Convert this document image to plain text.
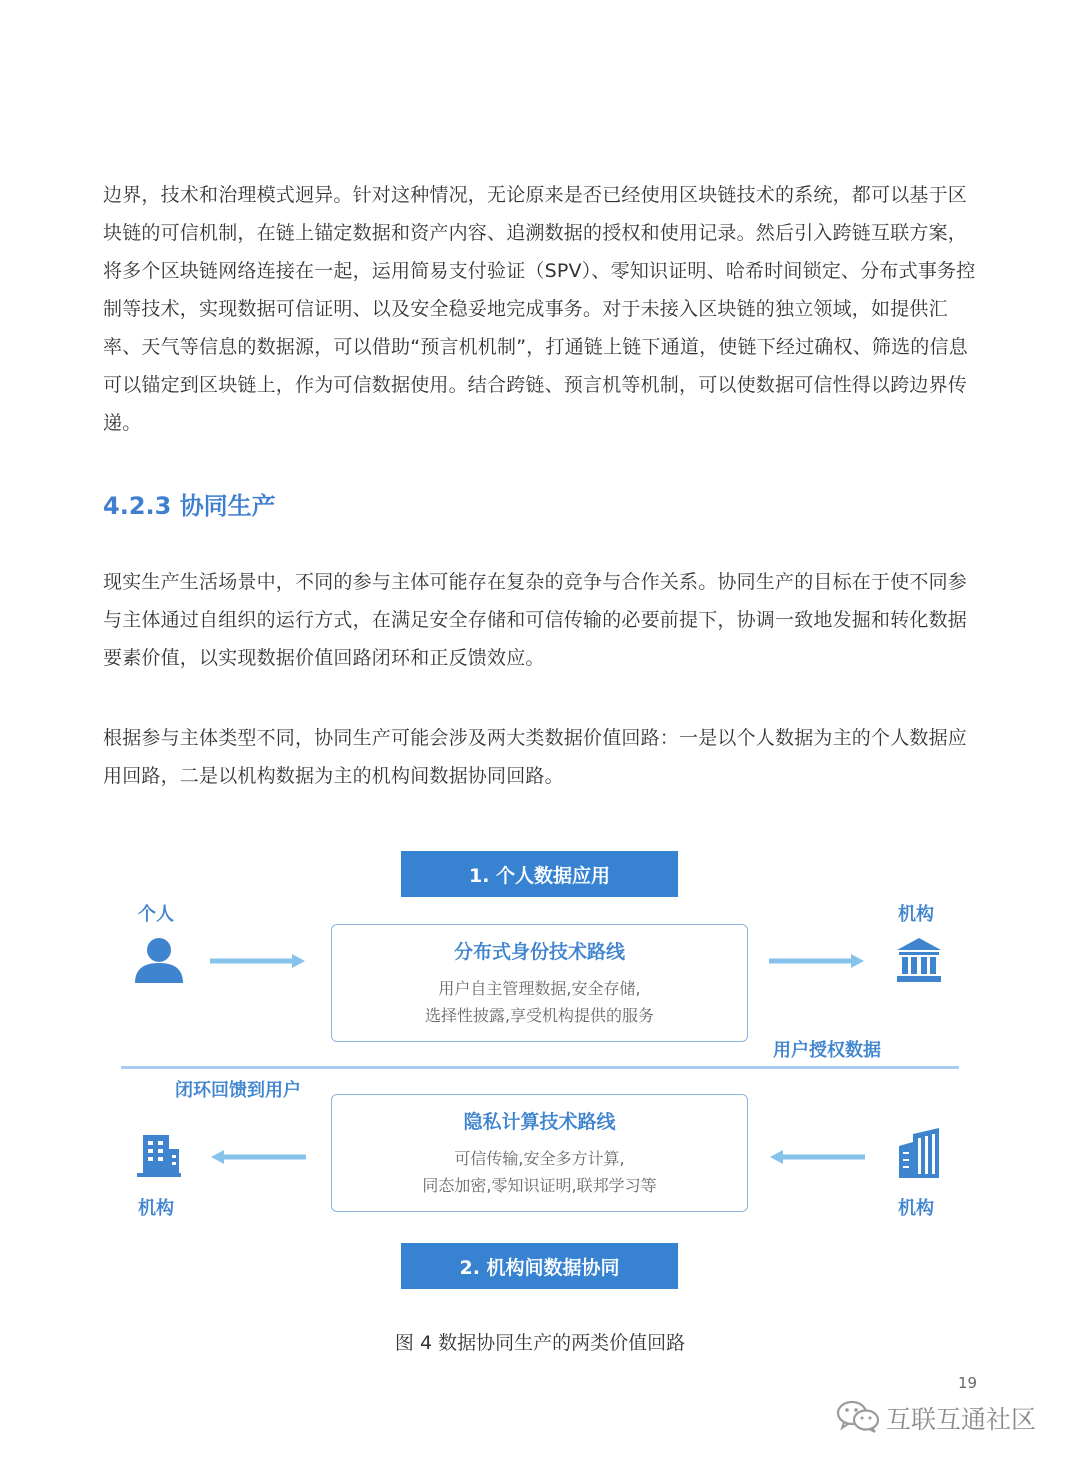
边界，技术和治理模式迥异。针对这种情况，无论原来是否已经使用区块链技术的系统，都可以基于区块链的可信机制，在链上锚定数据和资产内容、追溯数据的授权和使用记录。然后引入跨链互联方案，将多个区块链网络连接在一起，运用简易支付验证（SPV）、零知识证明、哈希时间锁定、分布式事务控制等技术，实现数据可信证明、以及安全稳妥地完成事务。对于未接入区块链的独立领域，如提供汇率、天气等信息的数据源，可以借助“预言机机制”，打通链上链下通道，使链下经过确权、筛选的信息可以锚定到区块链上，作为可信数据使用。结合跨链、预言机等机制，可以使数据可信性得以跨边界传递。

4.2.3 协同生产

现实生产生活场景中，不同的参与主体可能存在复杂的竞争与合作关系。协同生产的目标在于使不同参与主体通过自组织的运行方式，在满足安全存储和可信传输的必要前提下，协调一致地发掘和转化数据要素价值，以实现数据价值回路闭环和正反馈效应。

根据参与主体类型不同，协同生产可能会涉及两大类数据价值回路：一是以个人数据为主的个人数据应用回路，二是以机构数据为主的机构间数据协同回路。

1. 个人数据应用
个人
分布式身份技术路线
用户自主管理数据,安全存储,
选择性披露,享受机构提供的服务
机构
用户授权数据
闭环回馈到用户
机构
隐私计算技术路线
可信传输,安全多方计算,
同态加密,零知识证明,联邦学习等
机构
2. 机构间数据协同
图 4 数据协同生产的两类价值回路
19
互联互通社区
